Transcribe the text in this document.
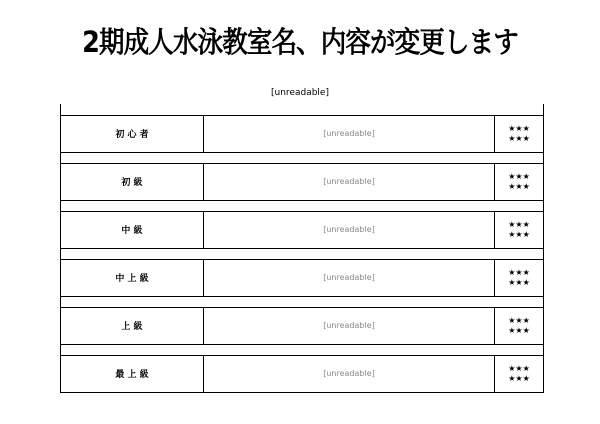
2期成人水泳教室名、内容が変更します
[unreadable]

初 心 者	[unreadable]	★★★
★★★

初 級	[unreadable]	★★★
★★★

中 級	[unreadable]	★★★
★★★

中 上 級	[unreadable]	★★★
★★★

上 級	[unreadable]	★★★
★★★

最 上 級	[unreadable]	★★★
★★★
